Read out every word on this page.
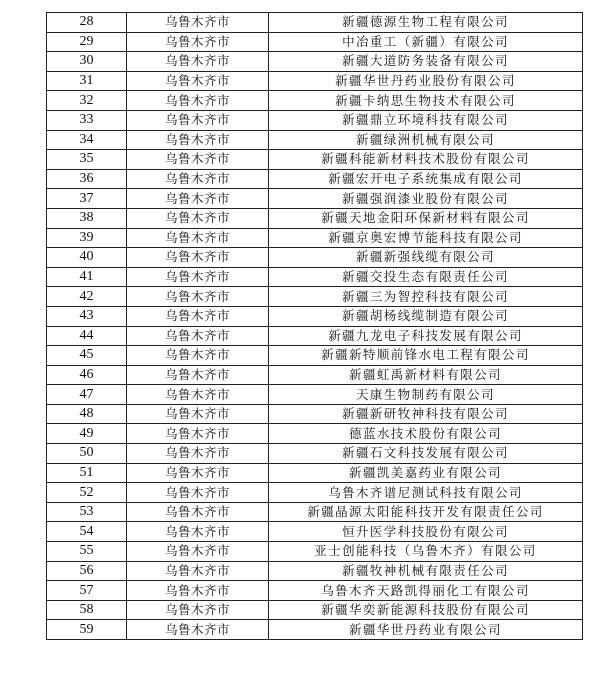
28	乌鲁木齐市	新疆德源生物工程有限公司
29	乌鲁木齐市	中冶重工（新疆）有限公司
30	乌鲁木齐市	新疆大道防务装备有限公司
31	乌鲁木齐市	新疆华世丹药业股份有限公司
32	乌鲁木齐市	新疆卡纳思生物技术有限公司
33	乌鲁木齐市	新疆鼎立环境科技有限公司
34	乌鲁木齐市	新疆绿洲机械有限公司
35	乌鲁木齐市	新疆科能新材料技术股份有限公司
36	乌鲁木齐市	新疆宏开电子系统集成有限公司
37	乌鲁木齐市	新疆强润漆业股份有限公司
38	乌鲁木齐市	新疆天地金阳环保新材料有限公司
39	乌鲁木齐市	新疆京奥宏博节能科技有限公司
40	乌鲁木齐市	新疆新强线缆有限公司
41	乌鲁木齐市	新疆交投生态有限责任公司
42	乌鲁木齐市	新疆三为智控科技有限公司
43	乌鲁木齐市	新疆胡杨线缆制造有限公司
44	乌鲁木齐市	新疆九龙电子科技发展有限公司
45	乌鲁木齐市	新疆新特顺前锋水电工程有限公司
46	乌鲁木齐市	新疆虹禹新材料有限公司
47	乌鲁木齐市	天康生物制药有限公司
48	乌鲁木齐市	新疆新研牧神科技有限公司
49	乌鲁木齐市	德蓝水技术股份有限公司
50	乌鲁木齐市	新疆石文科技发展有限公司
51	乌鲁木齐市	新疆凯美嘉药业有限公司
52	乌鲁木齐市	乌鲁木齐谱尼测试科技有限公司
53	乌鲁木齐市	新疆晶源太阳能科技开发有限责任公司
54	乌鲁木齐市	恒升医学科技股份有限公司
55	乌鲁木齐市	亚士创能科技（乌鲁木齐）有限公司
56	乌鲁木齐市	新疆牧神机械有限责任公司
57	乌鲁木齐市	乌鲁木齐天路凯得丽化工有限公司
58	乌鲁木齐市	新疆华奕新能源科技股份有限公司
59	乌鲁木齐市	新疆华世丹药业有限公司
